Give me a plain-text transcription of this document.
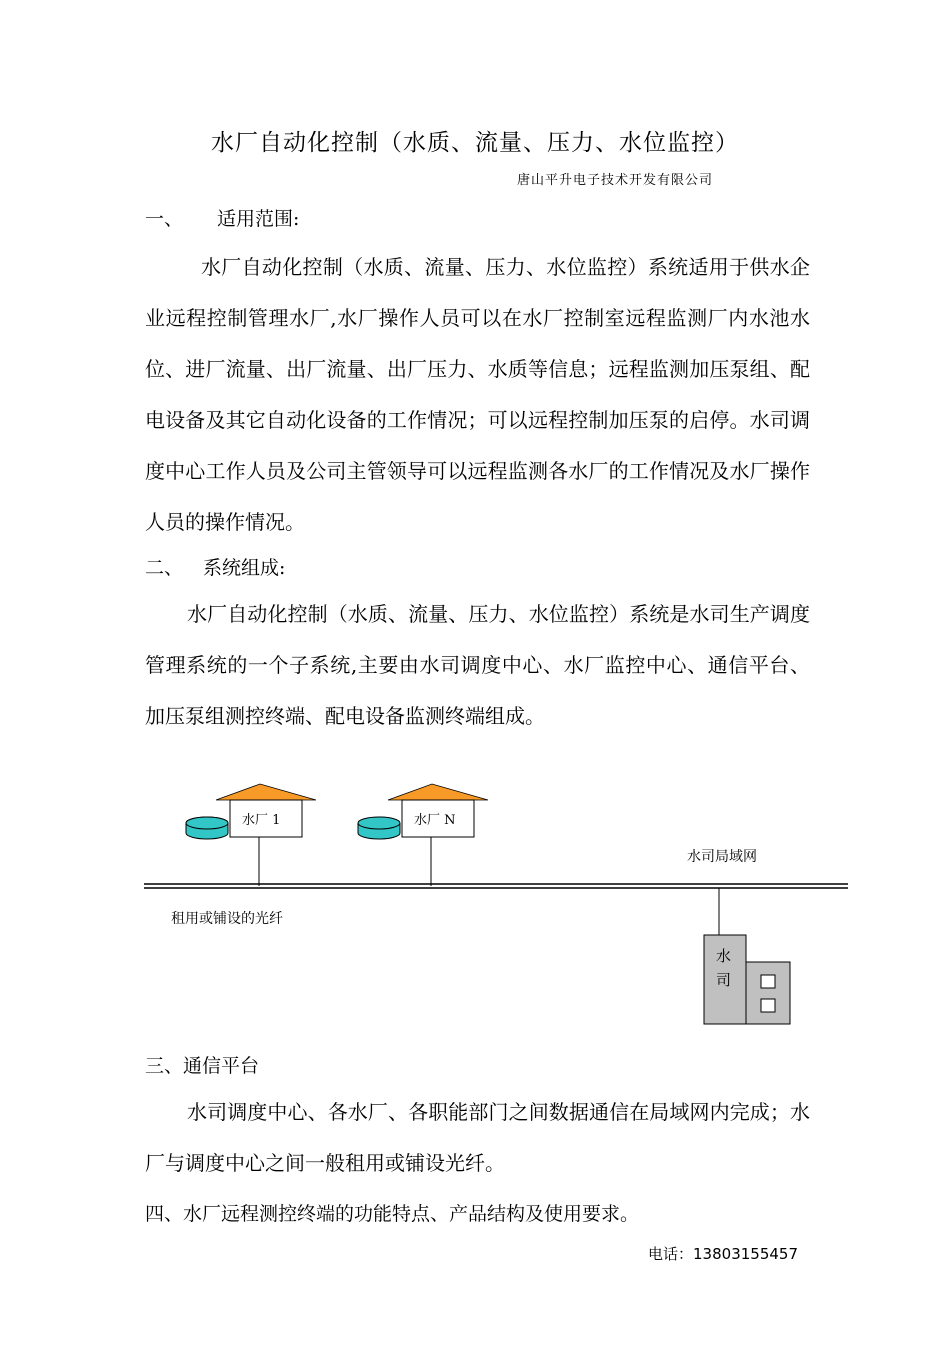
水厂自动化控制（水质、流量、压力、水位监控）
唐山平升电子技术开发有限公司
一、 适用范围:

水厂自动化控制（水质、流量、压力、水位监控）系统适用于供水企业远程控制管理水厂,水厂操作人员可以在水厂控制室远程监测厂内水池水位、进厂流量、出厂流量、出厂压力、水质等信息；远程监测加压泵组、配电设备及其它自动化设备的工作情况；可以远程控制加压泵的启停。水司调度中心工作人员及公司主管领导可以远程监测各水厂的工作情况及水厂操作人员的操作情况。

二、 系统组成:

水厂自动化控制（水质、流量、压力、水位监控）系统是水司生产调度管理系统的一个子系统,主要由水司调度中心、水厂监控中心、通信平台、加压泵组测控终端、配电设备监测终端组成。

水厂 1	水厂 N
水司局域网
租用或铺设的光纤
水
司
三、通信平台

水司调度中心、各水厂、各职能部门之间数据通信在局域网内完成；水厂与调度中心之间一般租用或铺设光纤。

四、水厂远程测控终端的功能特点、产品结构及使用要求。
电话：13803155457
